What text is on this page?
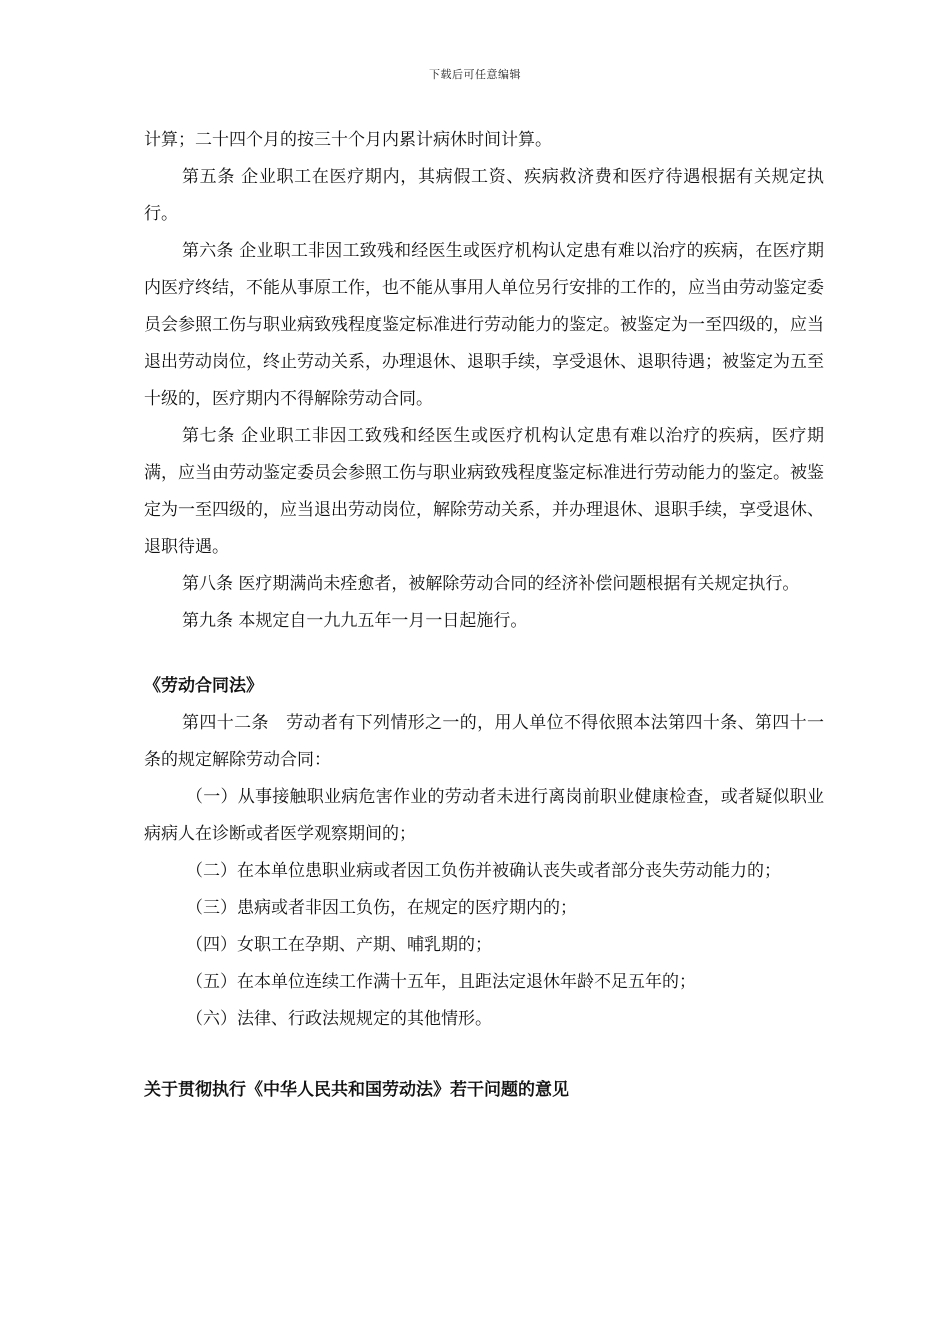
下载后可任意编辑

计算；二十四个月的按三十个月内累计病休时间计算。

第五条 企业职工在医疗期内，其病假工资、疾病救济费和医疗待遇根据有关规定执行。

第六条 企业职工非因工致残和经医生或医疗机构认定患有难以治疗的疾病，在医疗期内医疗终结，不能从事原工作，也不能从事用人单位另行安排的工作的，应当由劳动鉴定委员会参照工伤与职业病致残程度鉴定标准进行劳动能力的鉴定。被鉴定为一至四级的，应当退出劳动岗位，终止劳动关系，办理退休、退职手续，享受退休、退职待遇；被鉴定为五至十级的，医疗期内不得解除劳动合同。

第七条 企业职工非因工致残和经医生或医疗机构认定患有难以治疗的疾病，医疗期满，应当由劳动鉴定委员会参照工伤与职业病致残程度鉴定标准进行劳动能力的鉴定。被鉴定为一至四级的，应当退出劳动岗位，解除劳动关系，并办理退休、退职手续，享受退休、退职待遇。

第八条 医疗期满尚未痊愈者，被解除劳动合同的经济补偿问题根据有关规定执行。

第九条 本规定自一九九五年一月一日起施行。

《劳动合同法》

第四十二条　劳动者有下列情形之一的，用人单位不得依照本法第四十条、第四十一条的规定解除劳动合同：

（一）从事接触职业病危害作业的劳动者未进行离岗前职业健康检查，或者疑似职业病病人在诊断或者医学观察期间的；

（二）在本单位患职业病或者因工负伤并被确认丧失或者部分丧失劳动能力的；

（三）患病或者非因工负伤，在规定的医疗期内的；

（四）女职工在孕期、产期、哺乳期的；

（五）在本单位连续工作满十五年，且距法定退休年龄不足五年的；

（六）法律、行政法规规定的其他情形。

关于贯彻执行《中华人民共和国劳动法》若干问题的意见
